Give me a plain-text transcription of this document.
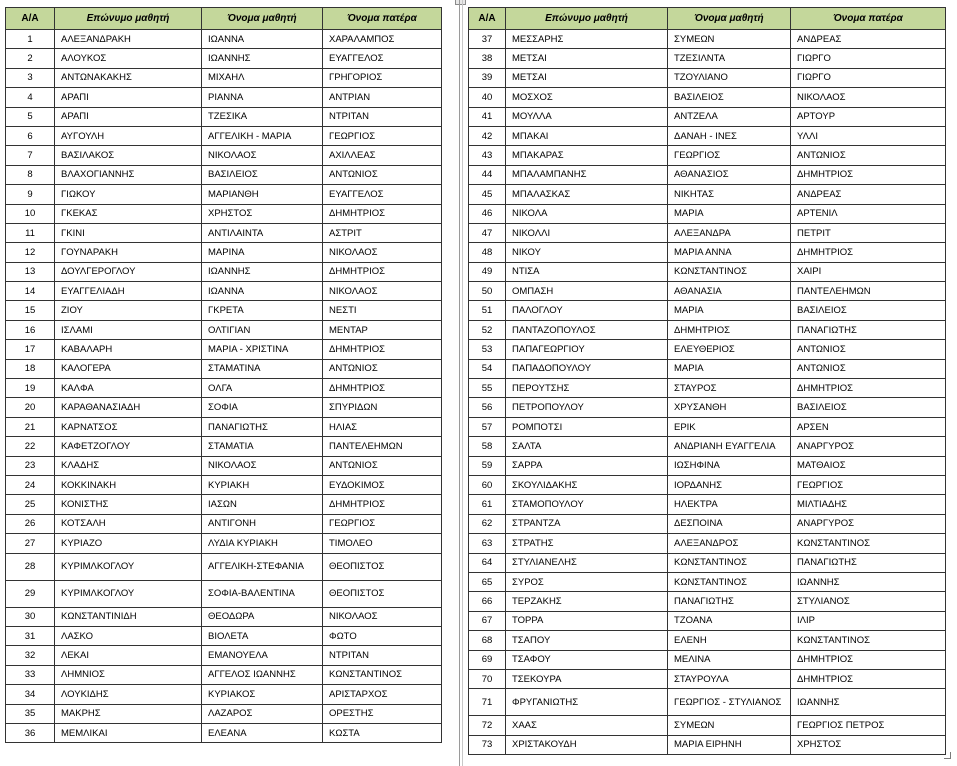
Α/Α	Επώνυμο μαθητή	Όνομα μαθητή	Όνομα πατέρα
1	ΑΛΕΞΑΝΔΡΑΚΗ	ΙΩΑΝΝΑ	ΧΑΡΑΛΑΜΠΟΣ
2	ΑΛΟΥΚΟΣ	ΙΩΑΝΝΗΣ	ΕΥΑΓΓΕΛΟΣ
3	ΑΝΤΩΝΑΚΑΚΗΣ	ΜΙΧΑΗΛ	ΓΡΗΓΟΡΙΟΣ
4	ΑΡΑΠΙ	ΡΙΑΝΝΑ	ΑΝΤΡΙΑΝ
5	ΑΡΑΠΙ	ΤΖΕΣΙΚΑ	ΝΤΡΙΤΑΝ
6	ΑΥΓΟΥΛΗ	ΑΓΓΕΛΙΚΗ - ΜΑΡΙΑ	ΓΕΩΡΓΙΟΣ
7	ΒΑΣΙΛΑΚΟΣ	ΝΙΚΟΛΑΟΣ	ΑΧΙΛΛΕΑΣ
8	ΒΛΑΧΟΓΙΑΝΝΗΣ	ΒΑΣΙΛΕΙΟΣ	ΑΝΤΩΝΙΟΣ
9	ΓΙΩΚΟΥ	ΜΑΡΙΑΝΘΗ	ΕΥΑΓΓΕΛΟΣ
10	ΓΚΕΚΑΣ	ΧΡΗΣΤΟΣ	ΔΗΜΗΤΡΙΟΣ
11	ΓΚΙΝΙ	ΑΝΤΙΛΑΙΝΤΑ	ΑΣΤΡΙΤ
12	ΓΟΥΝΑΡΑΚΗ	ΜΑΡΙΝΑ	ΝΙΚΟΛΑΟΣ
13	ΔΟΥΛΓΕΡΟΓΛΟΥ	ΙΩΑΝΝΗΣ	ΔΗΜΗΤΡΙΟΣ
14	ΕΥΑΓΓΕΛΙΑΔΗ	ΙΩΑΝΝΑ	ΝΙΚΟΛΑΟΣ
15	ΖΙΟΥ	ΓΚΡΕΤΑ	ΝΕΣΤΙ
16	ΙΣΛΑΜΙ	ΟΛΤΙΓΙΑΝ	ΜΕΝΤΑΡ
17	ΚΑΒΑΛΑΡΗ	ΜΑΡΙΑ - ΧΡΙΣΤΙΝΑ	ΔΗΜΗΤΡΙΟΣ
18	ΚΑΛΟΓΕΡΑ	ΣΤΑΜΑΤΙΝΑ	ΑΝΤΩΝΙΟΣ
19	ΚΑΛΦΑ	ΟΛΓΑ	ΔΗΜΗΤΡΙΟΣ
20	ΚΑΡΑΘΑΝΑΣΙΑΔΗ	ΣΟΦΙΑ	ΣΠΥΡΙΔΩΝ
21	ΚΑΡΝΑΤΣΟΣ	ΠΑΝΑΓΙΩΤΗΣ	ΗΛΙΑΣ
22	ΚΑΦΕΤΖΟΓΛΟΥ	ΣΤΑΜΑΤΙΑ	ΠΑΝΤΕΛΕΗΜΩΝ
23	ΚΛΑΔΗΣ	ΝΙΚΟΛΑΟΣ	ΑΝΤΩΝΙΟΣ
24	ΚΟΚΚΙΝΑΚΗ	ΚΥΡΙΑΚΗ	ΕΥΔΟΚΙΜΟΣ
25	ΚΟΝΙΣΤΗΣ	ΙΑΣΩΝ	ΔΗΜΗΤΡΙΟΣ
26	ΚΟΤΣΑΛΗ	ΑΝΤΙΓΟΝΗ	ΓΕΩΡΓΙΟΣ
27	ΚΥΡΙΑΖΟ	ΛΥΔΙΑ ΚΥΡΙΑΚΗ	ΤΙΜΟΛΕΟ
28	ΚΥΡΙΜΛΚΟΓΛΟΥ	ΑΓΓΕΛΙΚΗ-ΣΤΕΦΑΝΙΑ	ΘΕΟΠΙΣΤΟΣ
29	ΚΥΡΙΜΛΚΟΓΛΟΥ	ΣΟΦΙΑ-ΒΑΛΕΝΤΙΝΑ	ΘΕΟΠΙΣΤΟΣ
30	ΚΩΝΣΤΑΝΤΙΝΙΔΗ	ΘΕΟΔΩΡΑ	ΝΙΚΟΛΑΟΣ
31	ΛΑΣΚΟ	ΒΙΟΛΕΤΑ	ΦΩΤΟ
32	ΛΕΚΑΙ	ΕΜΑΝΟΥΕΛΑ	ΝΤΡΙΤΑΝ
33	ΛΗΜΝΙΟΣ	ΑΓΓΕΛΟΣ ΙΩΑΝΝΗΣ	ΚΩΝΣΤΑΝΤΙΝΟΣ
34	ΛΟΥΚΙΔΗΣ	ΚΥΡΙΑΚΟΣ	ΑΡΙΣΤΑΡΧΟΣ
35	ΜΑΚΡΗΣ	ΛΑΖΑΡΟΣ	ΟΡΕΣΤΗΣ
36	ΜΕΜΛΙΚΑΙ	ΕΛΕΑΝΑ	ΚΩΣΤΑ
Α/Α	Επώνυμο μαθητή	Όνομα μαθητή	Όνομα πατέρα
37	ΜΕΣΣΑΡΗΣ	ΣΥΜΕΩΝ	ΑΝΔΡΕΑΣ
38	ΜΕΤΣΑΙ	ΤΖΕΣΙΛΝΤΑ	ΓΙΩΡΓΟ
39	ΜΕΤΣΑΙ	ΤΖΟΥΛΙΑΝΟ	ΓΙΩΡΓΟ
40	ΜΟΣΧΟΣ	ΒΑΣΙΛΕΙΟΣ	ΝΙΚΟΛΑΟΣ
41	ΜΟΥΛΛΑ	ΑΝΤΖΕΛΑ	ΑΡΤΟΥΡ
42	ΜΠΑΚΑΙ	ΔΑΝΑΗ - ΙΝΕΣ	ΥΛΛΙ
43	ΜΠΑΚΑΡΑΣ	ΓΕΩΡΓΙΟΣ	ΑΝΤΩΝΙΟΣ
44	ΜΠΑΛΑΜΠΑΝΗΣ	ΑΘΑΝΑΣΙΟΣ	ΔΗΜΗΤΡΙΟΣ
45	ΜΠΑΛΑΣΚΑΣ	ΝΙΚΗΤΑΣ	ΑΝΔΡΕΑΣ
46	ΝΙΚΟΛΑ	ΜΑΡΙΑ	ΑΡΤΕΝΙΛ
47	ΝΙΚΟΛΛΙ	ΑΛΕΞΑΝΔΡΑ	ΠΕΤΡΙΤ
48	ΝΙΚΟΥ	ΜΑΡΙΑ ΑΝΝΑ	ΔΗΜΗΤΡΙΟΣ
49	ΝΤΙΣΑ	ΚΩΝΣΤΑΝΤΙΝΟΣ	ΧΑΙΡΙ
50	ΟΜΠΑΣΗ	ΑΘΑΝΑΣΙΑ	ΠΑΝΤΕΛΕΗΜΩΝ
51	ΠΑΛΟΓΛΟΥ	ΜΑΡΙΑ	ΒΑΣΙΛΕΙΟΣ
52	ΠΑΝΤΑΖΟΠΟΥΛΟΣ	ΔΗΜΗΤΡΙΟΣ	ΠΑΝΑΓΙΩΤΗΣ
53	ΠΑΠΑΓΕΩΡΓΙΟΥ	ΕΛΕΥΘΕΡΙΟΣ	ΑΝΤΩΝΙΟΣ
54	ΠΑΠΑΔΟΠΟΥΛΟΥ	ΜΑΡΙΑ	ΑΝΤΩΝΙΟΣ
55	ΠΕΡΟΥΤΣΗΣ	ΣΤΑΥΡΟΣ	ΔΗΜΗΤΡΙΟΣ
56	ΠΕΤΡΟΠΟΥΛΟΥ	ΧΡΥΣΑΝΘΗ	ΒΑΣΙΛΕΙΟΣ
57	ΡΟΜΠΟΤΣΙ	ΕΡΙΚ	ΑΡΣΕΝ
58	ΣΑΛΤΑ	ΑΝΔΡΙΑΝΗ ΕΥΑΓΓΕΛΙΑ	ΑΝΑΡΓΥΡΟΣ
59	ΣΑΡΡΑ	ΙΩΣΗΦΙΝΑ	ΜΑΤΘΑΙΟΣ
60	ΣΚΟΥΛΙΔΑΚΗΣ	ΙΟΡΔΑΝΗΣ	ΓΕΩΡΓΙΟΣ
61	ΣΤΑΜΟΠΟΥΛΟΥ	ΗΛΕΚΤΡΑ	ΜΙΛΤΙΑΔΗΣ
62	ΣΤΡΑΝΤΖΑ	ΔΕΣΠΟΙΝΑ	ΑΝΑΡΓΥΡΟΣ
63	ΣΤΡΑΤΗΣ	ΑΛΕΞΑΝΔΡΟΣ	ΚΩΝΣΤΑΝΤΙΝΟΣ
64	ΣΤΥΛΙΑΝΕΛΗΣ	ΚΩΝΣΤΑΝΤΙΝΟΣ	ΠΑΝΑΓΙΩΤΗΣ
65	ΣΥΡΟΣ	ΚΩΝΣΤΑΝΤΙΝΟΣ	ΙΩΑΝΝΗΣ
66	ΤΕΡΖΑΚΗΣ	ΠΑΝΑΓΙΩΤΗΣ	ΣΤΥΛΙΑΝΟΣ
67	ΤΟΡΡΑ	ΤΖΟΑΝΑ	ΙΛΙΡ
68	ΤΣΑΠΟΥ	ΕΛΕΝΗ	ΚΩΝΣΤΑΝΤΙΝΟΣ
69	ΤΣΑΦΟΥ	ΜΕΛΙΝΑ	ΔΗΜΗΤΡΙΟΣ
70	ΤΣΕΚΟΥΡΑ	ΣΤΑΥΡΟΥΛΑ	ΔΗΜΗΤΡΙΟΣ
71	ΦΡΥΓΑΝΙΩΤΗΣ	ΓΕΩΡΓΙΟΣ - ΣΤΥΛΙΑΝΟΣ	ΙΩΑΝΝΗΣ
72	ΧΑΑΣ	ΣΥΜΕΩΝ	ΓΕΩΡΓΙΟΣ ΠΕΤΡΟΣ
73	ΧΡΙΣΤΑΚΟΥΔΗ	ΜΑΡΙΑ ΕΙΡΗΝΗ	ΧΡΗΣΤΟΣ
